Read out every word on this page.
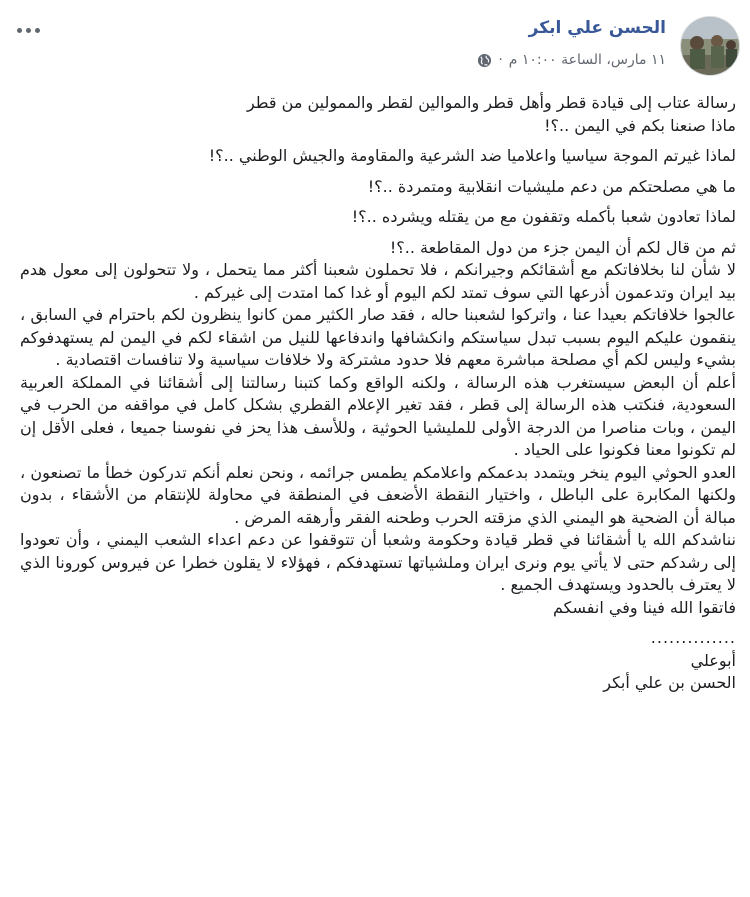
الحسن علي ابكر
١١ مارس، الساعة ١٠:٠٠ م
·

رسالة عتاب إلى قيادة قطر وأهل قطر والموالين لقطر والممولين من قطر

ماذا صنعنا بكم في اليمن ..؟!

لماذا غيرتم الموجة سياسيا واعلاميا ضد الشرعية والمقاومة والجيش الوطني ..؟!

ما هي مصلحتكم من دعم مليشيات انقلابية ومتمردة ..؟!

لماذا تعادون شعبا بأكمله وتقفون مع من يقتله ويشرده ..؟!

ثم من قال لكم أن اليمن جزء من دول المقاطعة ..؟!

لا شأن لنا بخلافاتكم مع أشقائكم وجيرانكم ، فلا تحملون شعبنا أكثر مما يتحمل ، ولا تتحولون إلى معول هدم بيد ايران وتدعمون أذرعها التي سوف تمتد لكم اليوم أو غدا كما امتدت إلى غيركم .

عالجوا خلافاتكم بعيدا عنا ، واتركوا لشعبنا حاله ، فقد صار الكثير ممن كانوا ينظرون لكم باحترام في السابق ، ينقمون عليكم اليوم بسبب تبدل سياستكم وانكشافها واندفاعها للنيل من اشقاء لكم في اليمن لم يستهدفوكم بشيء وليس لكم أي مصلحة مباشرة معهم فلا حدود مشتركة ولا خلافات سياسية ولا تنافسات اقتصادية .

أعلم أن البعض سيستغرب هذه الرسالة ، ولكنه الواقع وكما كتبنا رسالتنا إلى أشقائنا في المملكة العربية السعودية، فنكتب هذه الرسالة إلى قطر ، فقد تغير الإعلام القطري بشكل كامل في مواقفه من الحرب في اليمن ، وبات مناصرا من الدرجة الأولى للمليشيا الحوثية ، وللأسف هذا يحز في نفوسنا جميعا ، فعلى الأقل إن لم تكونوا معنا فكونوا على الحياد .

العدو الحوثي اليوم ينخر ويتمدد بدعمكم واعلامكم يطمس جرائمه ، ونحن نعلم أنكم تدركون خطأ ما تصنعون ، ولكنها المكابرة على الباطل ، واختيار النقطة الأضعف في المنطقة في محاولة للإنتقام من الأشقاء ، بدون مبالة أن الضحية هو اليمني الذي مزقته الحرب وطحنه الفقر وأرهقه المرض .

نناشدكم الله يا أشقائنا في قطر قيادة وحكومة وشعبا أن تتوقفوا عن دعم اعداء الشعب اليمني ، وأن تعودوا إلى رشدكم حتى لا يأتي يوم ونرى ايران وملشياتها تستهدفكم ، فهؤلاء لا يقلون خطرا عن فيروس كورونا الذي لا يعترف بالحدود ويستهدف الجميع .

فاتقوا الله فينا وفي انفسكم

..............

أبوعلي

الحسن بن علي أبكر
